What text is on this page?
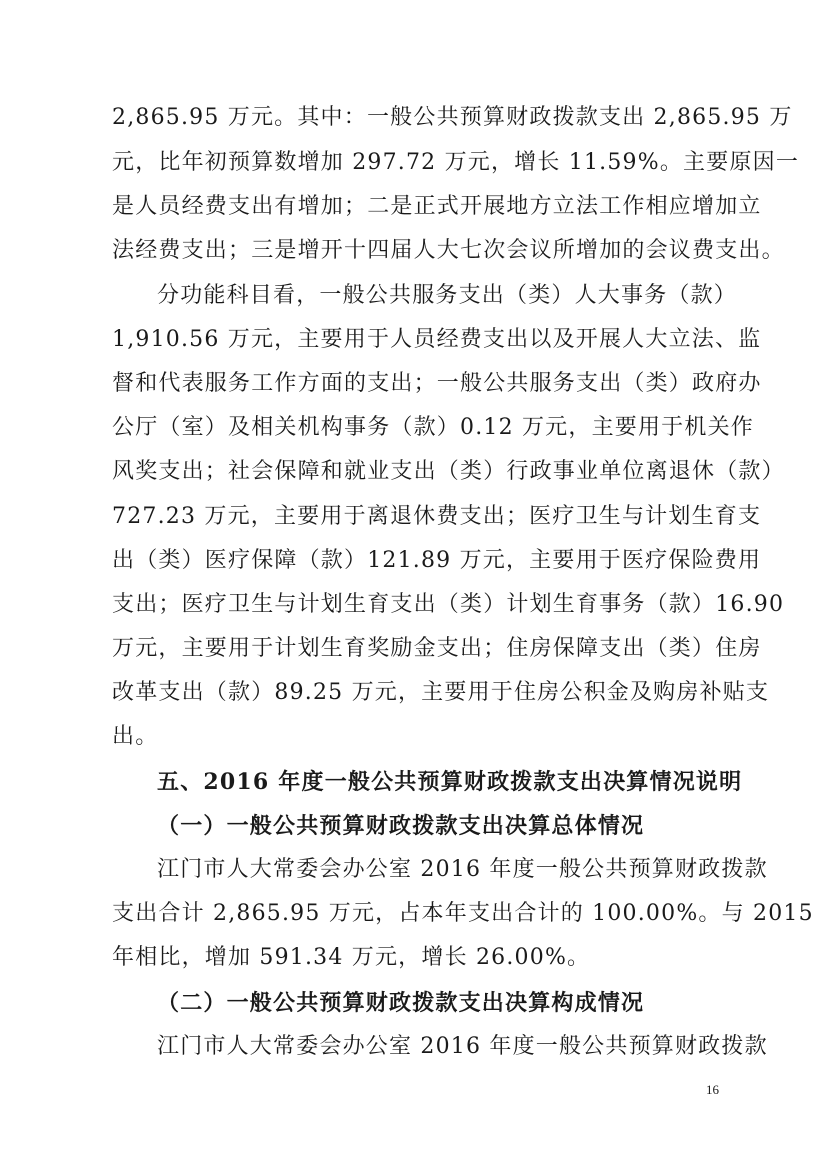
2,865.95 万元。其中：一般公共预算财政拨款支出 2,865.95 万
元，比年初预算数增加 297.72 万元，增长 11.59%。主要原因一
是人员经费支出有增加；二是正式开展地方立法工作相应增加立
法经费支出；三是增开十四届人大七次会议所增加的会议费支出。
分功能科目看，一般公共服务支出（类）人大事务（款）
1,910.56 万元，主要用于人员经费支出以及开展人大立法、监
督和代表服务工作方面的支出；一般公共服务支出（类）政府办
公厅（室）及相关机构事务（款）0.12 万元，主要用于机关作
风奖支出；社会保障和就业支出（类）行政事业单位离退休（款）
727.23 万元，主要用于离退休费支出；医疗卫生与计划生育支
出（类）医疗保障（款）121.89 万元，主要用于医疗保险费用
支出；医疗卫生与计划生育支出（类）计划生育事务（款）16.90
万元，主要用于计划生育奖励金支出；住房保障支出（类）住房
改革支出（款）89.25 万元，主要用于住房公积金及购房补贴支
出。
五、2016 年度一般公共预算财政拨款支出决算情况说明
（一）一般公共预算财政拨款支出决算总体情况
江门市人大常委会办公室 2016 年度一般公共预算财政拨款
支出合计 2,865.95 万元，占本年支出合计的 100.00%。与 2015
年相比，增加 591.34 万元，增长 26.00%。
（二）一般公共预算财政拨款支出决算构成情况
江门市人大常委会办公室 2016 年度一般公共预算财政拨款
16
